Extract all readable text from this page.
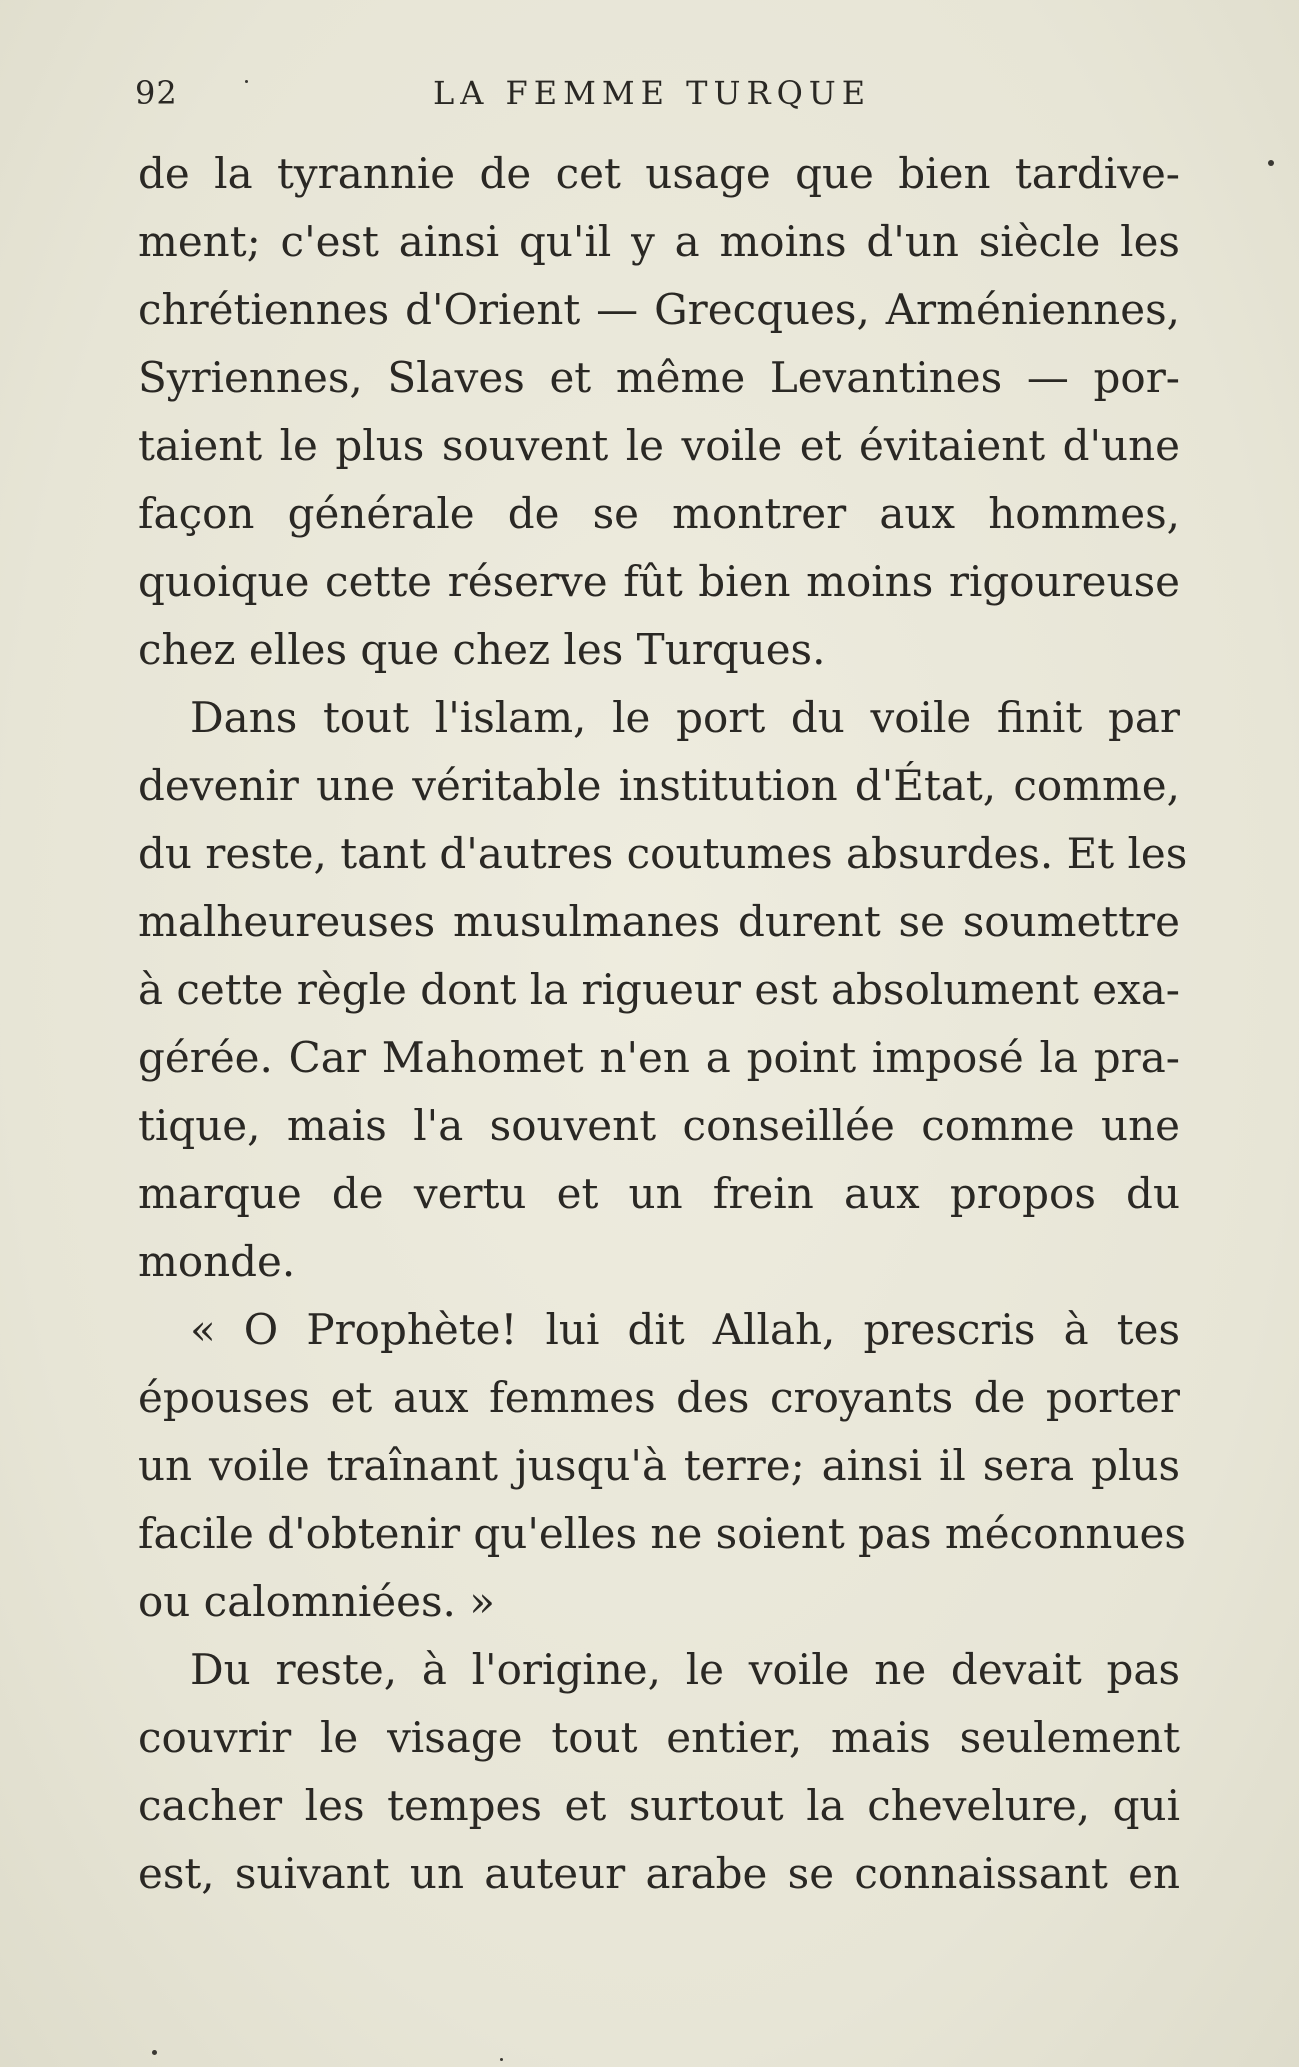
92	LA FEMME TURQUE
de la tyrannie de cet usage que bien tardive-
ment; c'est ainsi qu'il y a moins d'un siècle les
chrétiennes d'Orient — Grecques, Arméniennes,
Syriennes, Slaves et même Levantines — por-
taient le plus souvent le voile et évitaient d'une
façon générale de se montrer aux hommes,
quoique cette réserve fût bien moins rigoureuse
chez elles que chez les Turques.
Dans tout l'islam, le port du voile finit par
devenir une véritable institution d'État, comme,
du reste, tant d'autres coutumes absurdes. Et les
malheureuses musulmanes durent se soumettre
à cette règle dont la rigueur est absolument exa-
gérée. Car Mahomet n'en a point imposé la pra-
tique, mais l'a souvent conseillée comme une
marque de vertu et un frein aux propos du
monde.
« O Prophète! lui dit Allah, prescris à tes
épouses et aux femmes des croyants de porter
un voile traînant jusqu'à terre; ainsi il sera plus
facile d'obtenir qu'elles ne soient pas méconnues
ou calomniées. »
Du reste, à l'origine, le voile ne devait pas
couvrir le visage tout entier, mais seulement
cacher les tempes et surtout la chevelure, qui
est, suivant un auteur arabe se connaissant en
